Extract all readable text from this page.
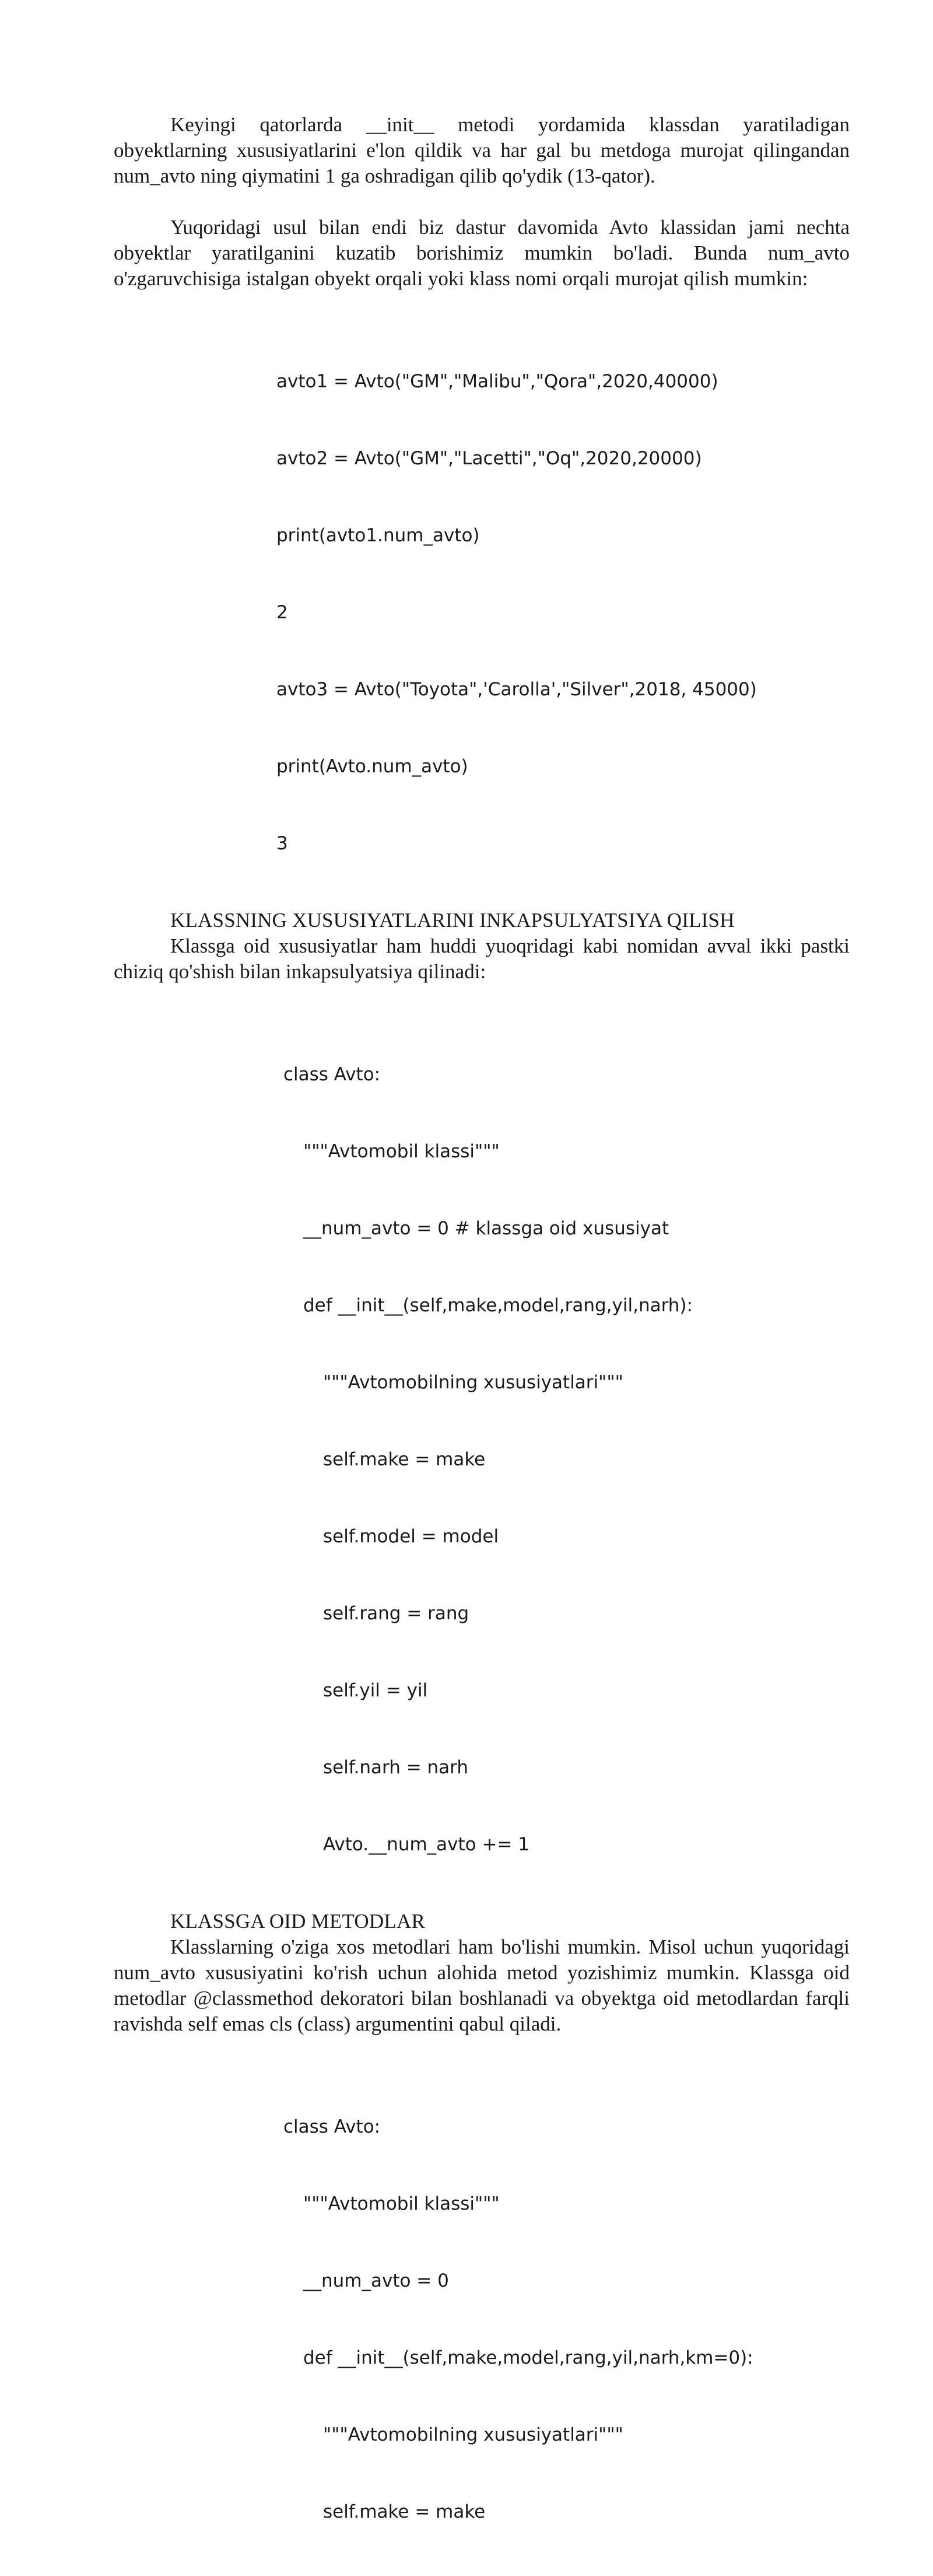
Keyingi qatorlarda __init__ metodi yordamida klassdan yaratiladigan obyektlarning xususiyatlarini e'lon qildik va har gal bu metdoga murojat qilingandan num_avto ning qiymatini 1 ga oshradigan qilib qo'ydik (13-qator).

Yuqoridagi usul bilan endi biz dastur davomida Avto klassidan jami nechta obyektlar yaratilganini kuzatib borishimiz mumkin bo'ladi. Bunda num_avto o'zgaruvchisiga istalgan obyekt orqali yoki klass nomi orqali murojat qilish mumkin:

avto1 = Avto("GM","Malibu","Qora",2020,40000)

avto2 = Avto("GM","Lacetti","Oq",2020,20000)

print(avto1.num_avto)

2

avto3 = Avto("Toyota",'Carolla',"Silver",2018, 45000)

print(Avto.num_avto)

3

KLASSNING XUSUSIYATLARINI INKAPSULYATSIYA QILISH

Klassga oid xususiyatlar ham huddi yuoqridagi kabi nomidan avval ikki pastki chiziq qo'shish bilan inkapsulyatsiya qilinadi:

class Avto:

"""Avtomobil klassi"""

__num_avto = 0 # klassga oid xususiyat

def __init__(self,make,model,rang,yil,narh):

"""Avtomobilning xususiyatlari"""

self.make = make

self.model = model

self.rang = rang

self.yil = yil

self.narh = narh

Avto.__num_avto += 1

KLASSGA OID METODLAR

Klasslarning o'ziga xos metodlari ham bo'lishi mumkin. Misol uchun yuqoridagi num_avto xususiyatini ko'rish uchun alohida metod yozishimiz mumkin. Klassga oid metodlar @classmethod dekoratori bilan boshlanadi va obyektga oid metodlardan farqli ravishda self emas cls (class) argumentini qabul qiladi.

class Avto:

"""Avtomobil klassi"""

__num_avto = 0

def __init__(self,make,model,rang,yil,narh,km=0):

"""Avtomobilning xususiyatlari"""

self.make = make
